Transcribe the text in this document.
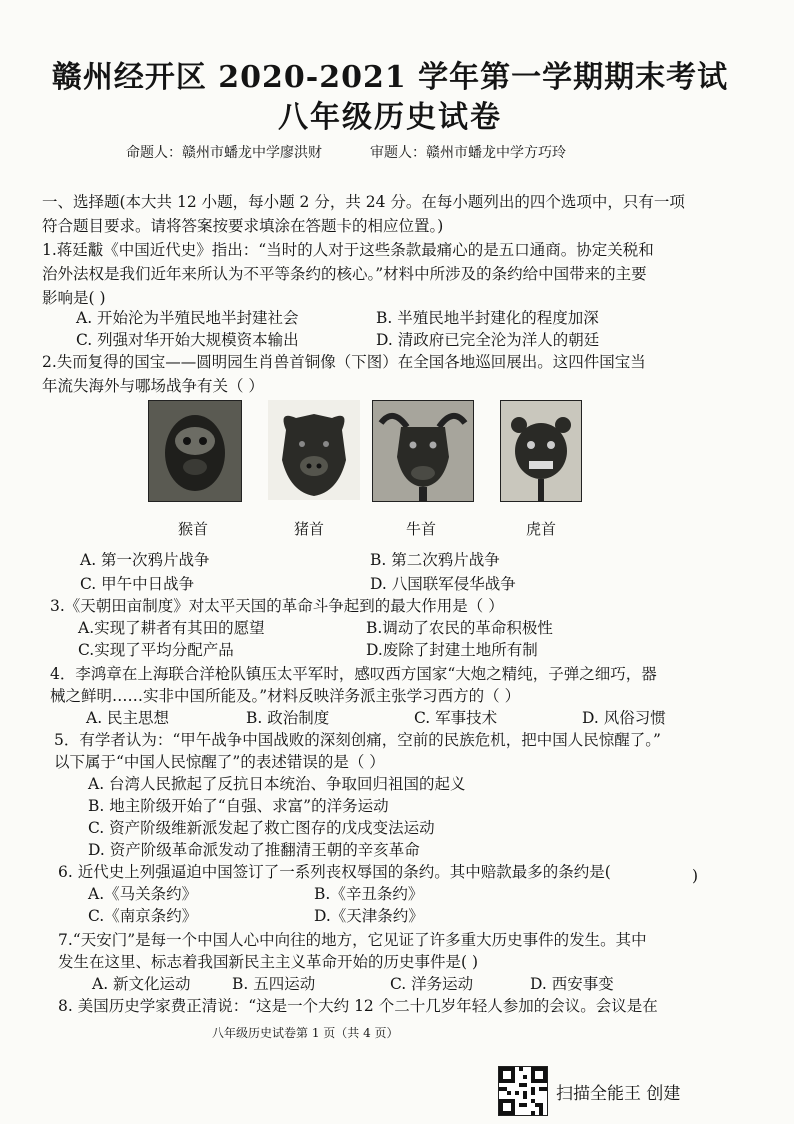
赣州经开区 2020-2021 学年第一学期期末考试
八年级历史试卷
命题人：赣州市蟠龙中学廖洪财	审题人：赣州市蟠龙中学方巧玲
一、选择题(本大共 12 小题，每小题 2 分，共 24 分。在每小题列出的四个选项中，只有一项
符合题目要求。请将答案按要求填涂在答题卡的相应位置。)
1.蒋廷黻《中国近代史》指出：“当时的人对于这些条款最痛心的是五口通商。协定关税和
治外法权是我们近年来所认为不平等条约的核心。”材料中所涉及的条约给中国带来的主要
影响是( )
A. 开始沦为半殖民地半封建社会	B. 半殖民地半封建化的程度加深
C. 列强对华开始大规模资本输出	D. 清政府已完全沦为洋人的朝廷
2.失而复得的国宝——圆明园生肖兽首铜像（下图）在全国各地巡回展出。这四件国宝当
年流失海外与哪场战争有关（ ）
猴首	猪首	牛首	虎首
A. 第一次鸦片战争	B. 第二次鸦片战争
C. 甲午中日战争	D. 八国联军侵华战争
3.《天朝田亩制度》对太平天国的革命斗争起到的最大作用是（ ）
A.实现了耕者有其田的愿望	B.调动了农民的革命积极性
C.实现了平均分配产品	D.废除了封建土地所有制
4．李鸿章在上海联合洋枪队镇压太平军时，感叹西方国家“大炮之精纯，子弹之细巧，器
械之鲜明……实非中国所能及。”材料反映洋务派主张学习西方的（ ）
A. 民主思想	B. 政治制度	C. 军事技术	D. 风俗习惯
5．有学者认为：“甲午战争中国战败的深刻创痛，空前的民族危机，把中国人民惊醒了。”
以下属于“中国人民惊醒了”的表述错误的是（ ）
A. 台湾人民掀起了反抗日本统治、争取回归祖国的起义
B. 地主阶级开始了“自强、求富”的洋务运动
C. 资产阶级维新派发起了救亡图存的戊戌变法运动
D. 资产阶级革命派发动了推翻清王朝的辛亥革命
6. 近代史上列强逼迫中国签订了一系列丧权辱国的条约。其中赔款最多的条约是(	)
A.《马关条约》	B.《辛丑条约》
C.《南京条约》	D.《天津条约》
7.“天安门”是每一个中国人心中向往的地方，它见证了许多重大历史事件的发生。其中
发生在这里、标志着我国新民主主义革命开始的历史事件是( )
A. 新文化运动	B. 五四运动	C. 洋务运动	D. 西安事变
8. 美国历史学家费正清说：“这是一个大约 12 个二十几岁年轻人参加的会议。会议是在
八年级历史试卷第 1 页（共 4 页）
扫描全能王 创建
